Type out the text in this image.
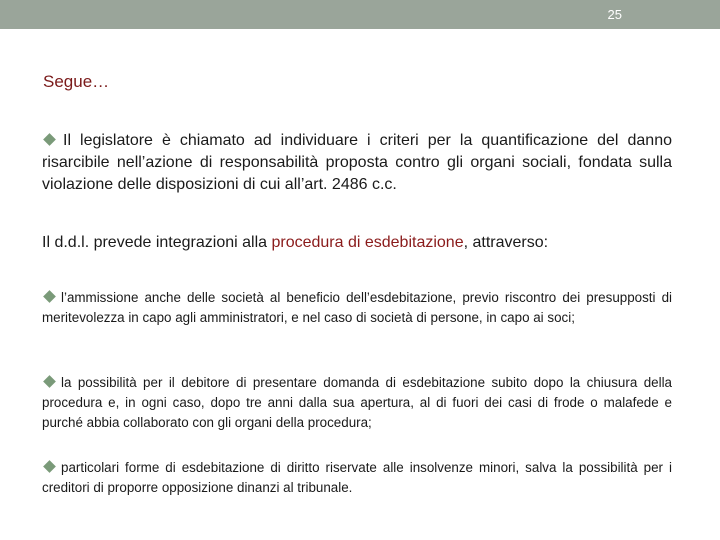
25
Segue…
Il legislatore è chiamato ad individuare i criteri per la quantificazione del danno risarcibile nell’azione di responsabilità proposta contro gli organi sociali, fondata sulla violazione delle disposizioni di cui all’art. 2486 c.c.
Il d.d.l. prevede integrazioni alla procedura di esdebitazione, attraverso:
l’ammissione anche delle società al beneficio dell’esdebitazione, previo riscontro dei presupposti di meritevolezza in capo agli amministratori, e nel caso di società di persone, in capo ai soci;
la possibilità per il debitore di presentare domanda di esdebitazione subito dopo la chiusura della procedura e, in ogni caso, dopo tre anni dalla sua apertura, al di fuori dei casi di frode o malafede e purché abbia collaborato con gli organi della procedura;
particolari forme di esdebitazione di diritto riservate alle insolvenze minori, salva la possibilità per i creditori di proporre opposizione dinanzi al tribunale.
